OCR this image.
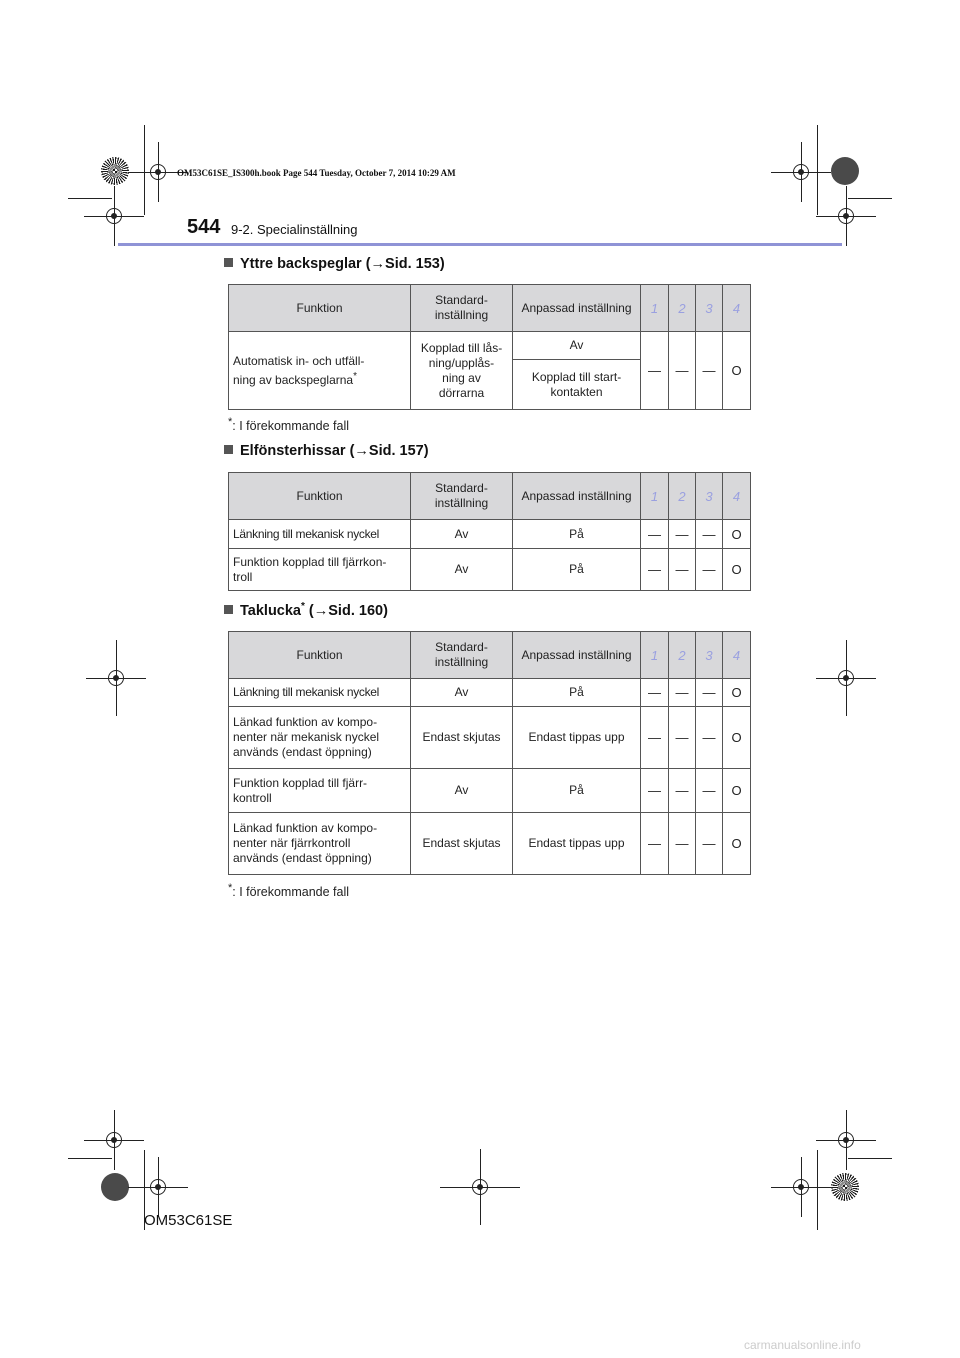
OM53C61SE_IS300h.book Page 544 Tuesday, October 7, 2014 10:29 AM
544 9-2. Specialinställning
Yttre backspeglar (→Sid. 153)
Funktion	Standard-
inställning	Anpassad inställning	1	2	3	4
Automatisk in- och utfäll-
ning av backspeglarna*	Kopplad till lås-
ning/upplås-
ning av
dörrarna	Av	—	—	—	O
		Kopplad till start-
kontakten				
*: I förekommande fall
Elfönsterhissar (→Sid. 157)
Funktion	Standard-
inställning	Anpassad inställning	1	2	3	4
Länkning till mekanisk nyckel	Av	På	—	—	—	O
Funktion kopplad till fjärrkon-
troll	Av	På	—	—	—	O
Taklucka* (→Sid. 160)
Funktion	Standard-
inställning	Anpassad inställning	1	2	3	4
Länkning till mekanisk nyckel	Av	På	—	—	—	O
Länkad funktion av kompo-
nenter när mekanisk nyckel
används (endast öppning)	Endast skjutas	Endast tippas upp	—	—	—	O
Funktion kopplad till fjärr-
kontroll	Av	På	—	—	—	O
Länkad funktion av kompo-
nenter när fjärrkontroll
används (endast öppning)	Endast skjutas	Endast tippas upp	—	—	—	O
*: I förekommande fall
OM53C61SE
carmanualsonline.info
